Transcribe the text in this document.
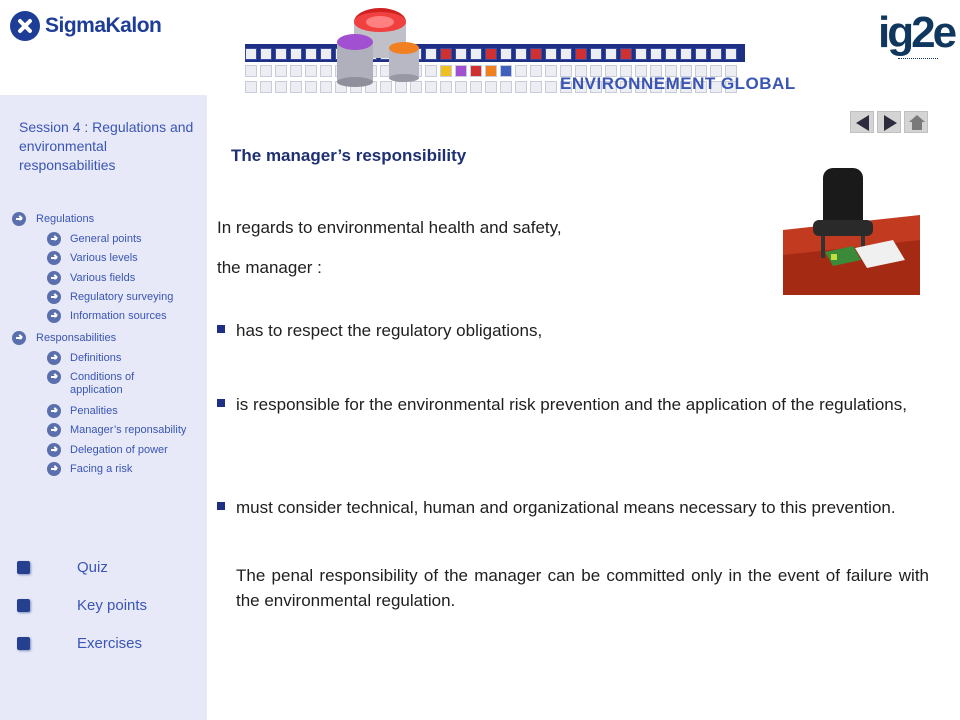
SigmaKalon
ENVIRONNEMENT GLOBAL
ig2e
Session 4 : Regulations and environmental responsabilities
Regulations
General points
Various levels
Various fields
Regulatory surveying
Information sources
Responsabilities
Definitions
Conditions of application
Penalities
Manager’s reponsability
Delegation of power
Facing a risk
Quiz
Key points
Exercises
The manager’s responsibility
In regards to environmental health and safety,
the manager :
has to respect the regulatory obligations,
is responsible for the environmental risk prevention and the application of the regulations,
must consider technical, human and organizational means necessary to this prevention.
The penal responsibility of the manager can be committed only in the event of failure with the environmental regulation.
